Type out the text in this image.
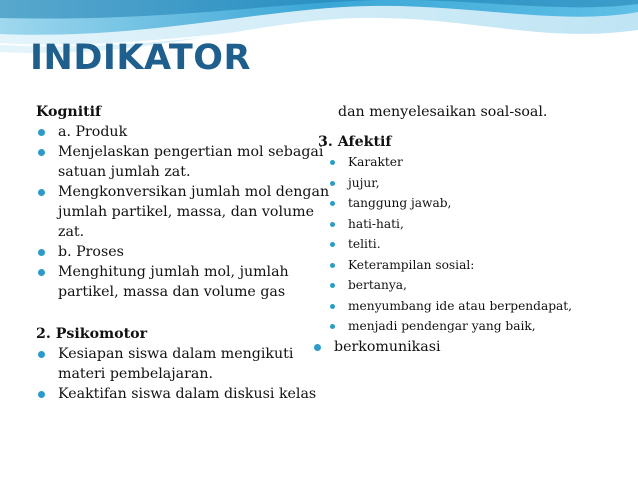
INDIKATOR
Kognitif
a. Produk
Menjelaskan pengertian mol sebagai
satuan jumlah zat.
Mengkonversikan jumlah mol dengan
jumlah partikel, massa, dan volume
zat.
b. Proses
Menghitung jumlah mol, jumlah
partikel, massa dan volume gas
2. Psikomotor
Kesiapan siswa dalam mengikuti
materi pembelajaran.
Keaktifan siswa dalam diskusi kelas
dan menyelesaikan soal-soal.
3. Afektif
Karakter
jujur,
tanggung jawab,
hati-hati,
teliti.
Keterampilan sosial:
bertanya,
menyumbang ide atau berpendapat,
menjadi pendengar yang baik,
berkomunikasi
